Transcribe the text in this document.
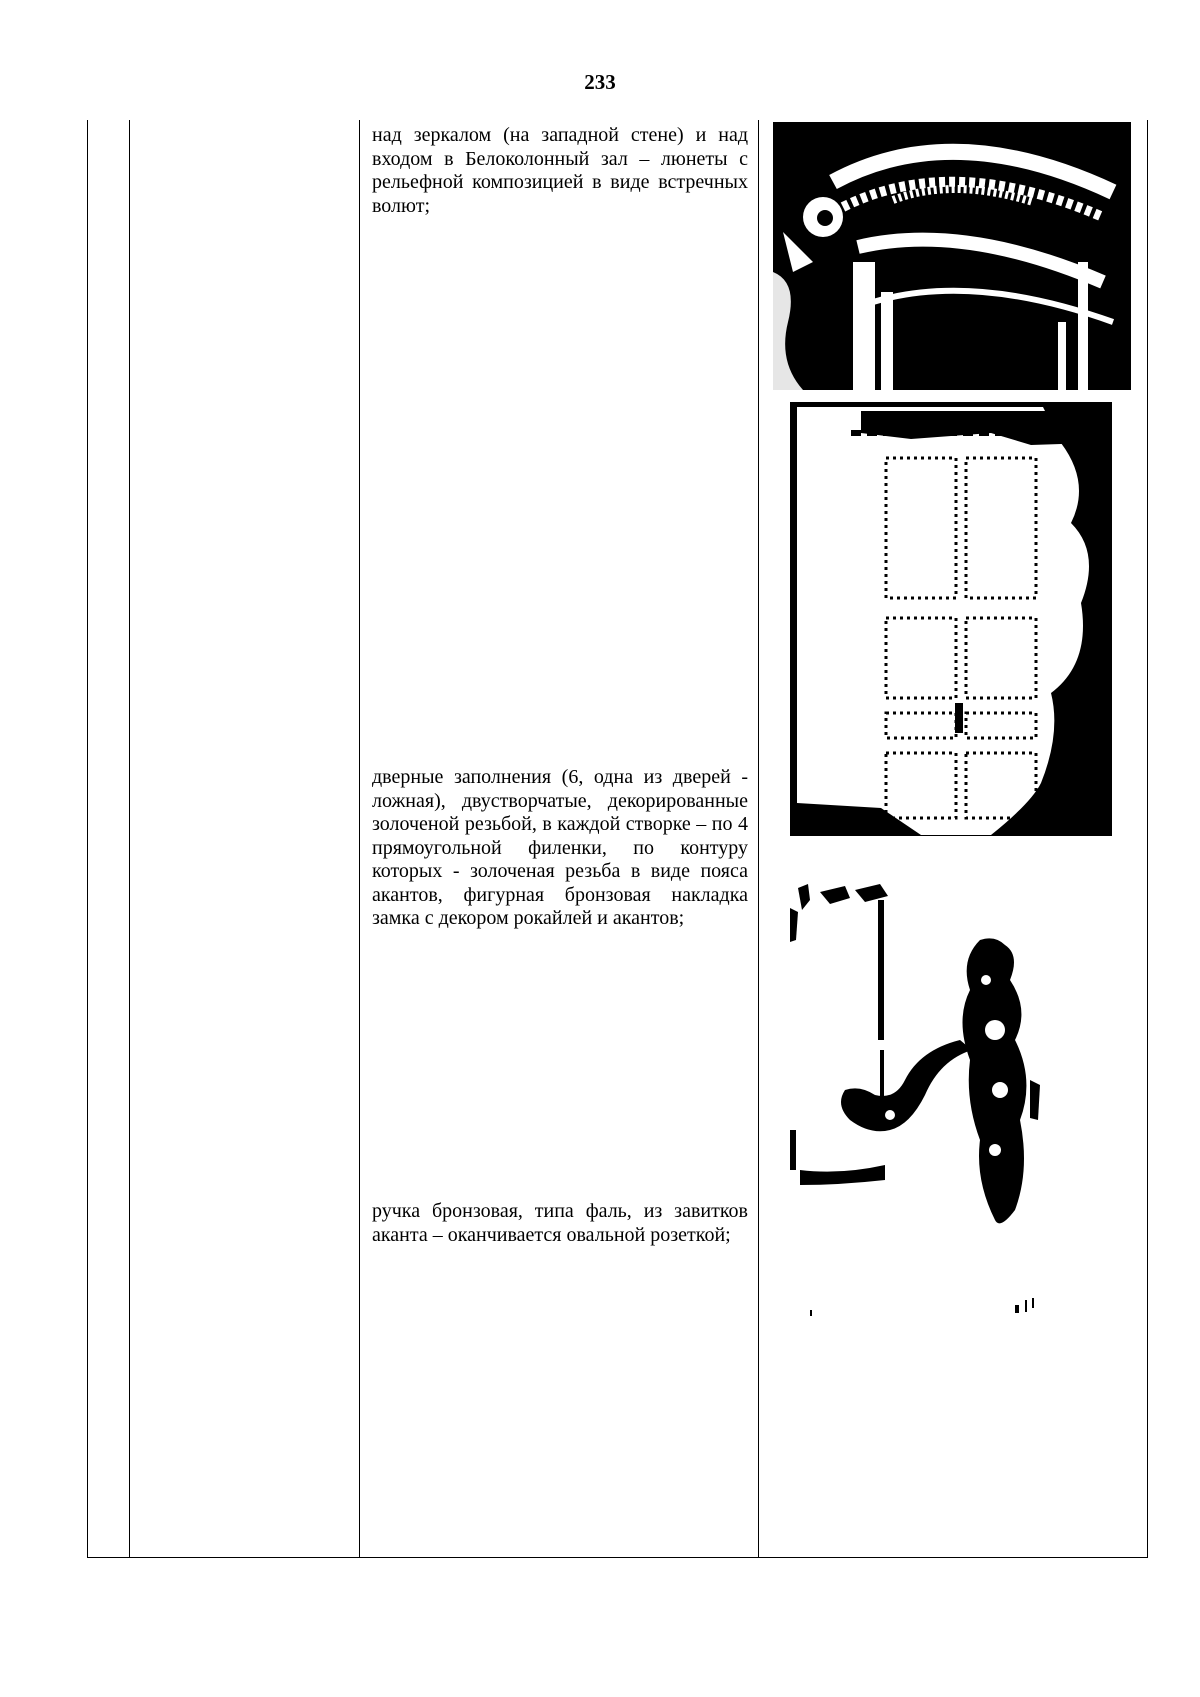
233
над зеркалом (на западной стене) и над входом в Белоколонный зал – люнеты с рельефной композицией в виде встречных волют;
дверные заполнения (6, одна из дверей - ложная), двустворчатые, декорированные золоченой резьбой, в каждой створке – по 4 прямоугольной филенки, по контуру которых - золоченая резьба в виде пояса акантов, фигурная бронзовая накладка замка с декором рокайлей и акантов;
ручка бронзовая, типа фаль, из завитков аканта – оканчивается овальной розеткой;
